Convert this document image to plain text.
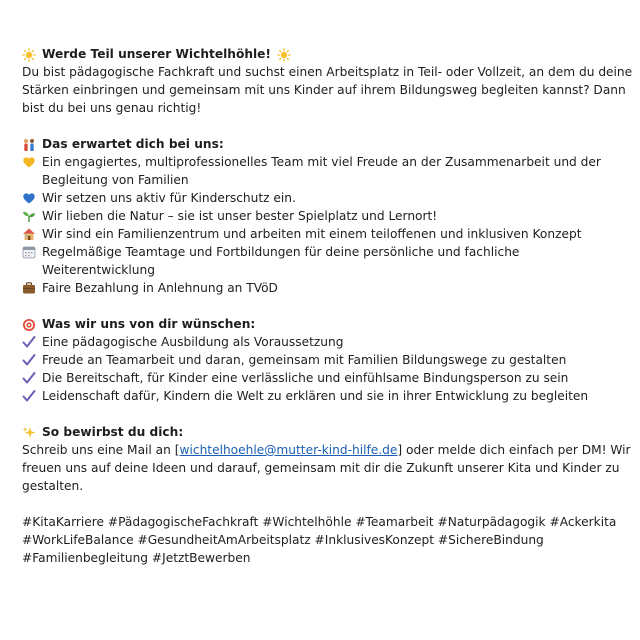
Werde Teil unserer Wichtelhöhle!

Du bist pädagogische Fachkraft und suchst einen Arbeitsplatz in Teil- oder Vollzeit, an dem du deine Stärken einbringen und gemeinsam mit uns Kinder auf ihrem Bildungsweg begleiten kannst? Dann bist du bei uns genau richtig!

Das erwartet dich bei uns:
Ein engagiertes, multiprofessionelles Team mit viel Freude an der Zusammenarbeit und der Begleitung von Familien
Wir setzen uns aktiv für Kinderschutz ein.
Wir lieben die Natur – sie ist unser bester Spielplatz und Lernort!
Wir sind ein Familienzentrum und arbeiten mit einem teiloffenen und inklusiven Konzept
Regelmäßige Teamtage und Fortbildungen für deine persönliche und fachliche Weiterentwicklung
Faire Bezahlung in Anlehnung an TVöD
Was wir uns von dir wünschen:
Eine pädagogische Ausbildung als Voraussetzung
Freude an Teamarbeit und daran, gemeinsam mit Familien Bildungswege zu gestalten
Die Bereitschaft, für Kinder eine verlässliche und einfühlsame Bindungsperson zu sein
Leidenschaft dafür, Kindern die Welt zu erklären und sie in ihrer Entwicklung zu begleiten
So bewirbst du dich:

Schreib uns eine Mail an [wichtelhoehle@mutter-kind-hilfe.de] oder melde dich einfach per DM! Wir freuen uns auf deine Ideen und darauf, gemeinsam mit dir die Zukunft unserer Kita und Kinder zu gestalten.

#KitaKarriere #PädagogischeFachkraft #Wichtelhöhle #Teamarbeit #Naturpädagogik #Ackerkita

#WorkLifeBalance #GesundheitAmArbeitsplatz #InklusivesKonzept #SichereBindung

#Familienbegleitung #JetztBewerben
